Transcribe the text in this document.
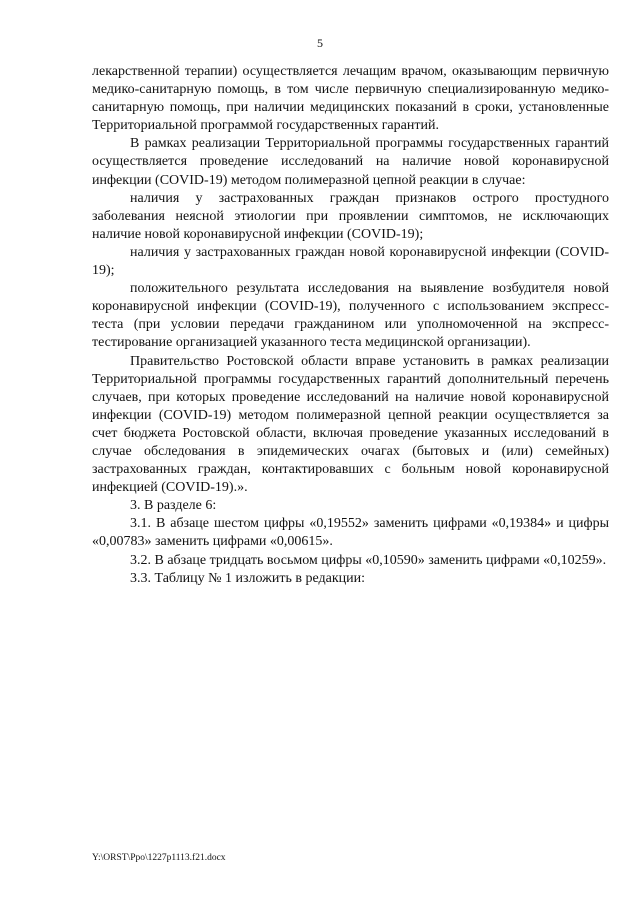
5

лекарственной терапии) осуществляется лечащим врачом, оказывающим первичную медико-санитарную помощь, в том числе первичную специализированную медико-санитарную помощь, при наличии медицинских показаний в сроки, установленные Территориальной программой государственных гарантий.

В рамках реализации Территориальной программы государственных гарантий осуществляется проведение исследований на наличие новой коронавирусной инфекции (COVID-19) методом полимеразной цепной реакции в случае:

наличия у застрахованных граждан признаков острого простудного заболевания неясной этиологии при проявлении симптомов, не исключающих наличие новой коронавирусной инфекции (COVID-19);

наличия у застрахованных граждан новой коронавирусной инфекции (COVID-19);

положительного результата исследования на выявление возбудителя новой коронавирусной инфекции (COVID-19), полученного с использованием экспресс-теста (при условии передачи гражданином или уполномоченной на экспресс-тестирование организацией указанного теста медицинской организации).

Правительство Ростовской области вправе установить в рамках реализации Территориальной программы государственных гарантий дополнительный перечень случаев, при которых проведение исследований на наличие новой коронавирусной инфекции (COVID-19) методом полимеразной цепной реакции осуществляется за счет бюджета Ростовской области, включая проведение указанных исследований в случае обследования в эпидемических очагах (бытовых и (или) семейных) застрахованных граждан, контактировавших с больным новой коронавирусной инфекцией (COVID-19).».

3. В разделе 6:

3.1. В абзаце шестом цифры «0,19552» заменить цифрами «0,19384» и цифры «0,00783» заменить цифрами «0,00615».

3.2. В абзаце тридцать восьмом цифры «0,10590» заменить цифрами «0,10259».

3.3. Таблицу № 1 изложить в редакции:

Y:\ORST\Ppo\1227p1113.f21.docx
